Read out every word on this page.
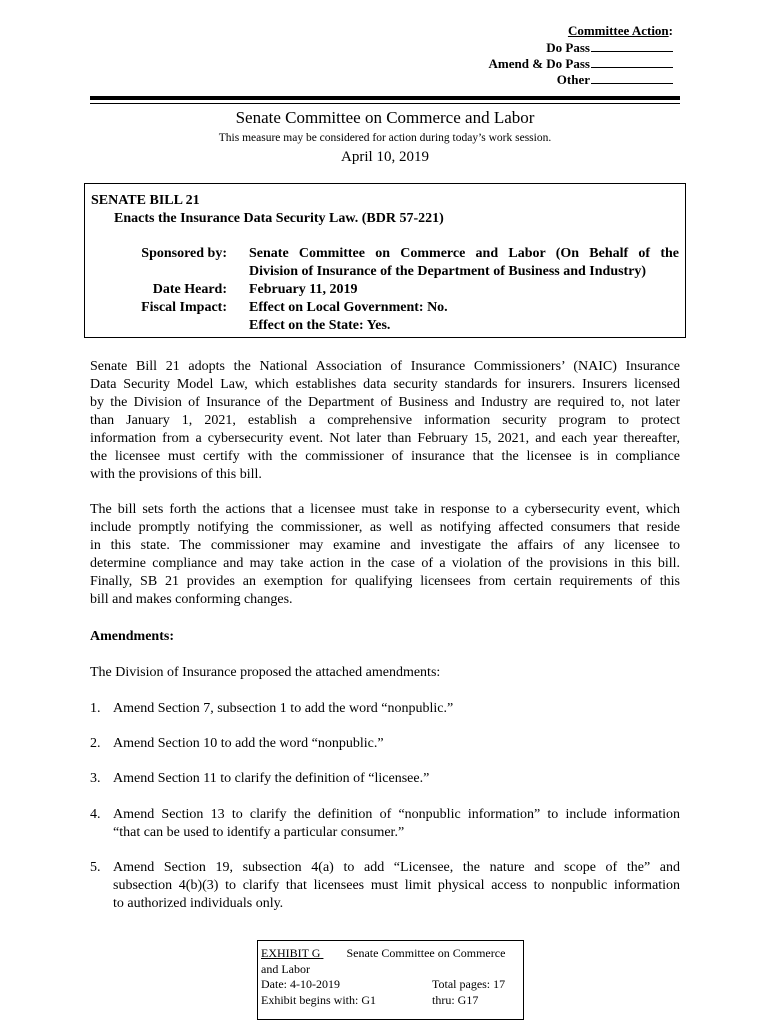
Committee Action:
Do Pass
Amend & Do Pass
Other
Senate Committee on Commerce and Labor
This measure may be considered for action during today’s work session.
April 10, 2019
SENATE BILL 21
Enacts the Insurance Data Security Law. (BDR 57-221)
Sponsored by: Senate Committee on Commerce and Labor (On Behalf of the
Division of Insurance of the Department of Business and Industry)
Date Heard: February 11, 2019
Fiscal Impact: Effect on Local Government: No.
Effect on the State: Yes.
Senate Bill 21 adopts the National Association of Insurance Commissioners’ (NAIC) Insurance
Data Security Model Law, which establishes data security standards for insurers. Insurers licensed
by the Division of Insurance of the Department of Business and Industry are required to, not later
than January 1, 2021, establish a comprehensive information security program to protect
information from a cybersecurity event. Not later than February 15, 2021, and each year thereafter,
the licensee must certify with the commissioner of insurance that the licensee is in compliance
with the provisions of this bill.
The bill sets forth the actions that a licensee must take in response to a cybersecurity event, which
include promptly notifying the commissioner, as well as notifying affected consumers that reside
in this state. The commissioner may examine and investigate the affairs of any licensee to
determine compliance and may take action in the case of a violation of the provisions in this bill.
Finally, SB 21 provides an exemption for qualifying licensees from certain requirements of this
bill and makes conforming changes.
Amendments:
The Division of Insurance proposed the attached amendments:
1. Amend Section 7, subsection 1 to add the word “nonpublic.”
2. Amend Section 10 to add the word “nonpublic.”
3. Amend Section 11 to clarify the definition of “licensee.”
4. Amend Section 13 to clarify the definition of “nonpublic information” to include information
“that can be used to identify a particular consumer.”
5. Amend Section 19, subsection 4(a) to add “Licensee, the nature and scope of the” and
subsection 4(b)(3) to clarify that licensees must limit physical access to nonpublic information
to authorized individuals only.
EXHIBIT G Senate Committee on Commerce
and Labor
Date: 4-10-2019	Total pages: 17
Exhibit begins with: G1	thru: G17
